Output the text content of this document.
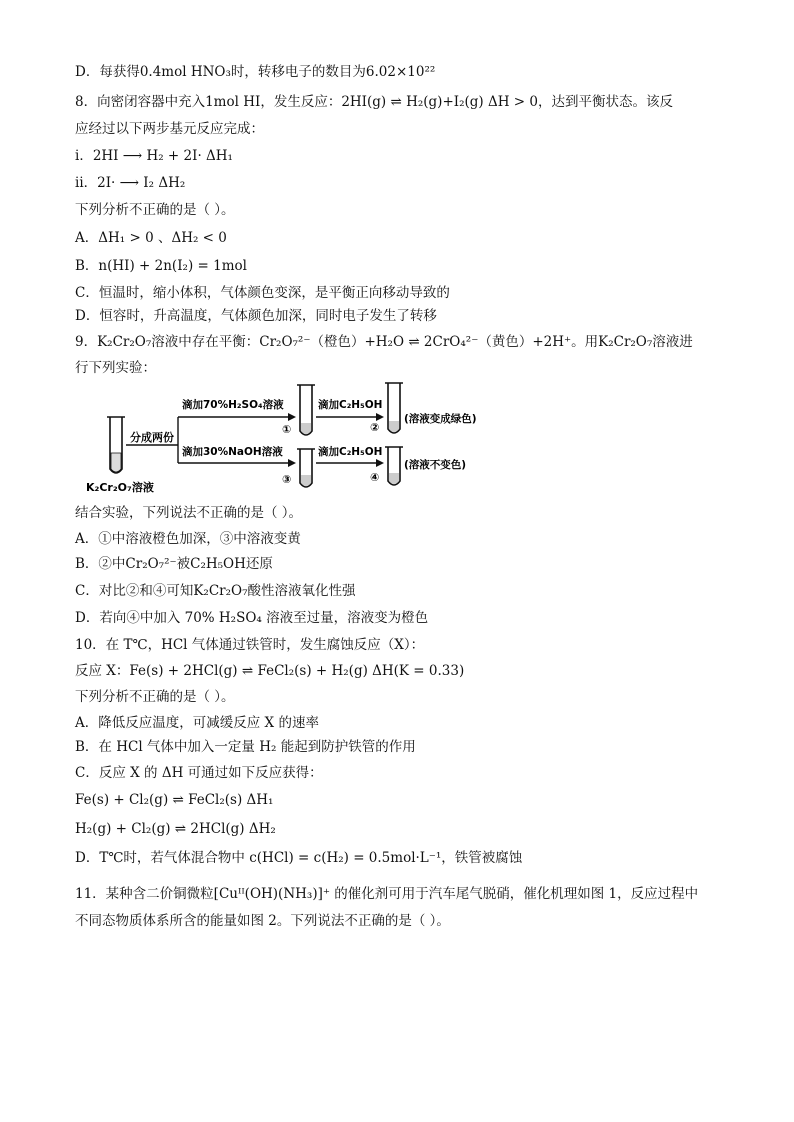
D．每获得0.4mol HNO₃时，转移电子的数目为6.02×10²²
8．向密闭容器中充入1mol HI，发生反应：2HI(g) ⇌ H₂(g)+I₂(g) ΔH > 0，达到平衡状态。该反
应经过以下两步基元反应完成：
ⅰ．2HI ⟶ H₂ + 2I· ΔH₁
ⅱ．2I· ⟶ I₂ ΔH₂
下列分析不正确的是（ ）。
A．ΔH₁ > 0 、ΔH₂ < 0
B．n(HI) + 2n(I₂) = 1mol
C．恒温时，缩小体积，气体颜色变深，是平衡正向移动导致的
D．恒容时，升高温度，气体颜色加深，同时电子发生了转移
9．K₂Cr₂O₇溶液中存在平衡：Cr₂O₇²⁻（橙色）+H₂O ⇌ 2CrO₄²⁻（黄色）+2H⁺。用K₂Cr₂O₇溶液进
行下列实验：
K₂Cr₂O₇溶液
分成两份
滴加70%H₂SO₄溶液
滴加30%NaOH溶液
①
③
滴加C₂H₅OH
滴加C₂H₅OH
②
(溶液变成绿色)
④
(溶液不变色)
结合实验，下列说法不正确的是（ ）。
A．①中溶液橙色加深，③中溶液变黄
B．②中Cr₂O₇²⁻被C₂H₅OH还原
C．对比②和④可知K₂Cr₂O₇酸性溶液氧化性强
D．若向④中加入 70% H₂SO₄ 溶液至过量，溶液变为橙色
10．在 T℃，HCl 气体通过铁管时，发生腐蚀反应（X）：
反应 X：Fe(s) + 2HCl(g) ⇌ FeCl₂(s) + H₂(g) ΔH(K = 0.33)
下列分析不正确的是（ ）。
A．降低反应温度，可减缓反应 X 的速率
B．在 HCl 气体中加入一定量 H₂ 能起到防护铁管的作用
C．反应 X 的 ΔH 可通过如下反应获得：
Fe(s) + Cl₂(g) ⇌ FeCl₂(s) ΔH₁
H₂(g) + Cl₂(g) ⇌ 2HCl(g) ΔH₂
D．T℃时，若气体混合物中 c(HCl) = c(H₂) = 0.5mol·L⁻¹，铁管被腐蚀
11．某种含二价铜微粒[Cuᴵᴵ(OH)(NH₃)]⁺ 的催化剂可用于汽车尾气脱硝，催化机理如图 1，反应过程中
不同态物质体系所含的能量如图 2。下列说法不正确的是（ ）。
